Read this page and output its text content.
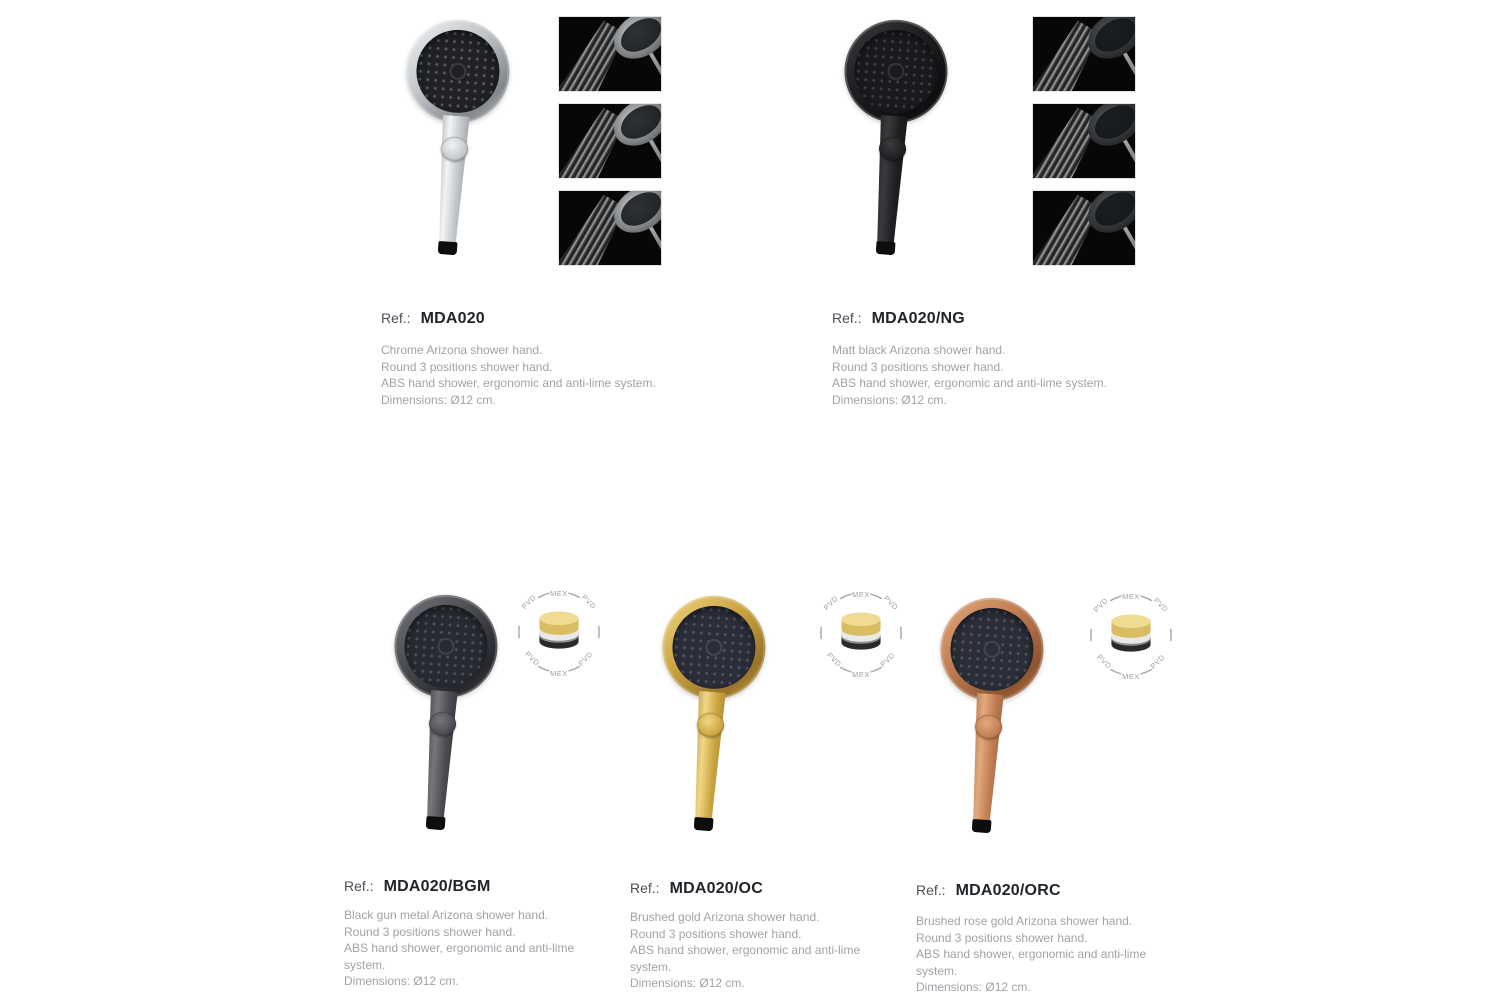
Ref.: MDA020

Chrome Arizona shower hand.

Round 3 positions shower hand.

ABS hand shower, ergonomic and anti-lime system.

Dimensions: Ø12 cm.

Ref.: MDA020/NG

Matt black Arizona shower hand.

Round 3 positions shower hand.

ABS hand shower, ergonomic and anti-lime system.

Dimensions: Ø12 cm.

MEX
MEX
PVD	PVD
PVD	PVD
Ref.: MDA020/BGM

Black gun metal Arizona shower hand.

Round 3 positions shower hand.

ABS hand shower, ergonomic and anti-lime

system.

Dimensions: Ø12 cm.

MEX
MEX
PVD	PVD
PVD	PVD
Ref.: MDA020/OC

Brushed gold Arizona shower hand.

Round 3 positions shower hand.

ABS hand shower, ergonomic and anti-lime

system.

Dimensions: Ø12 cm.

MEX
MEX
PVD	PVD
PVD	PVD
Ref.: MDA020/ORC

Brushed rose gold Arizona shower hand.

Round 3 positions shower hand.

ABS hand shower, ergonomic and anti-lime

system.

Dimensions: Ø12 cm.
